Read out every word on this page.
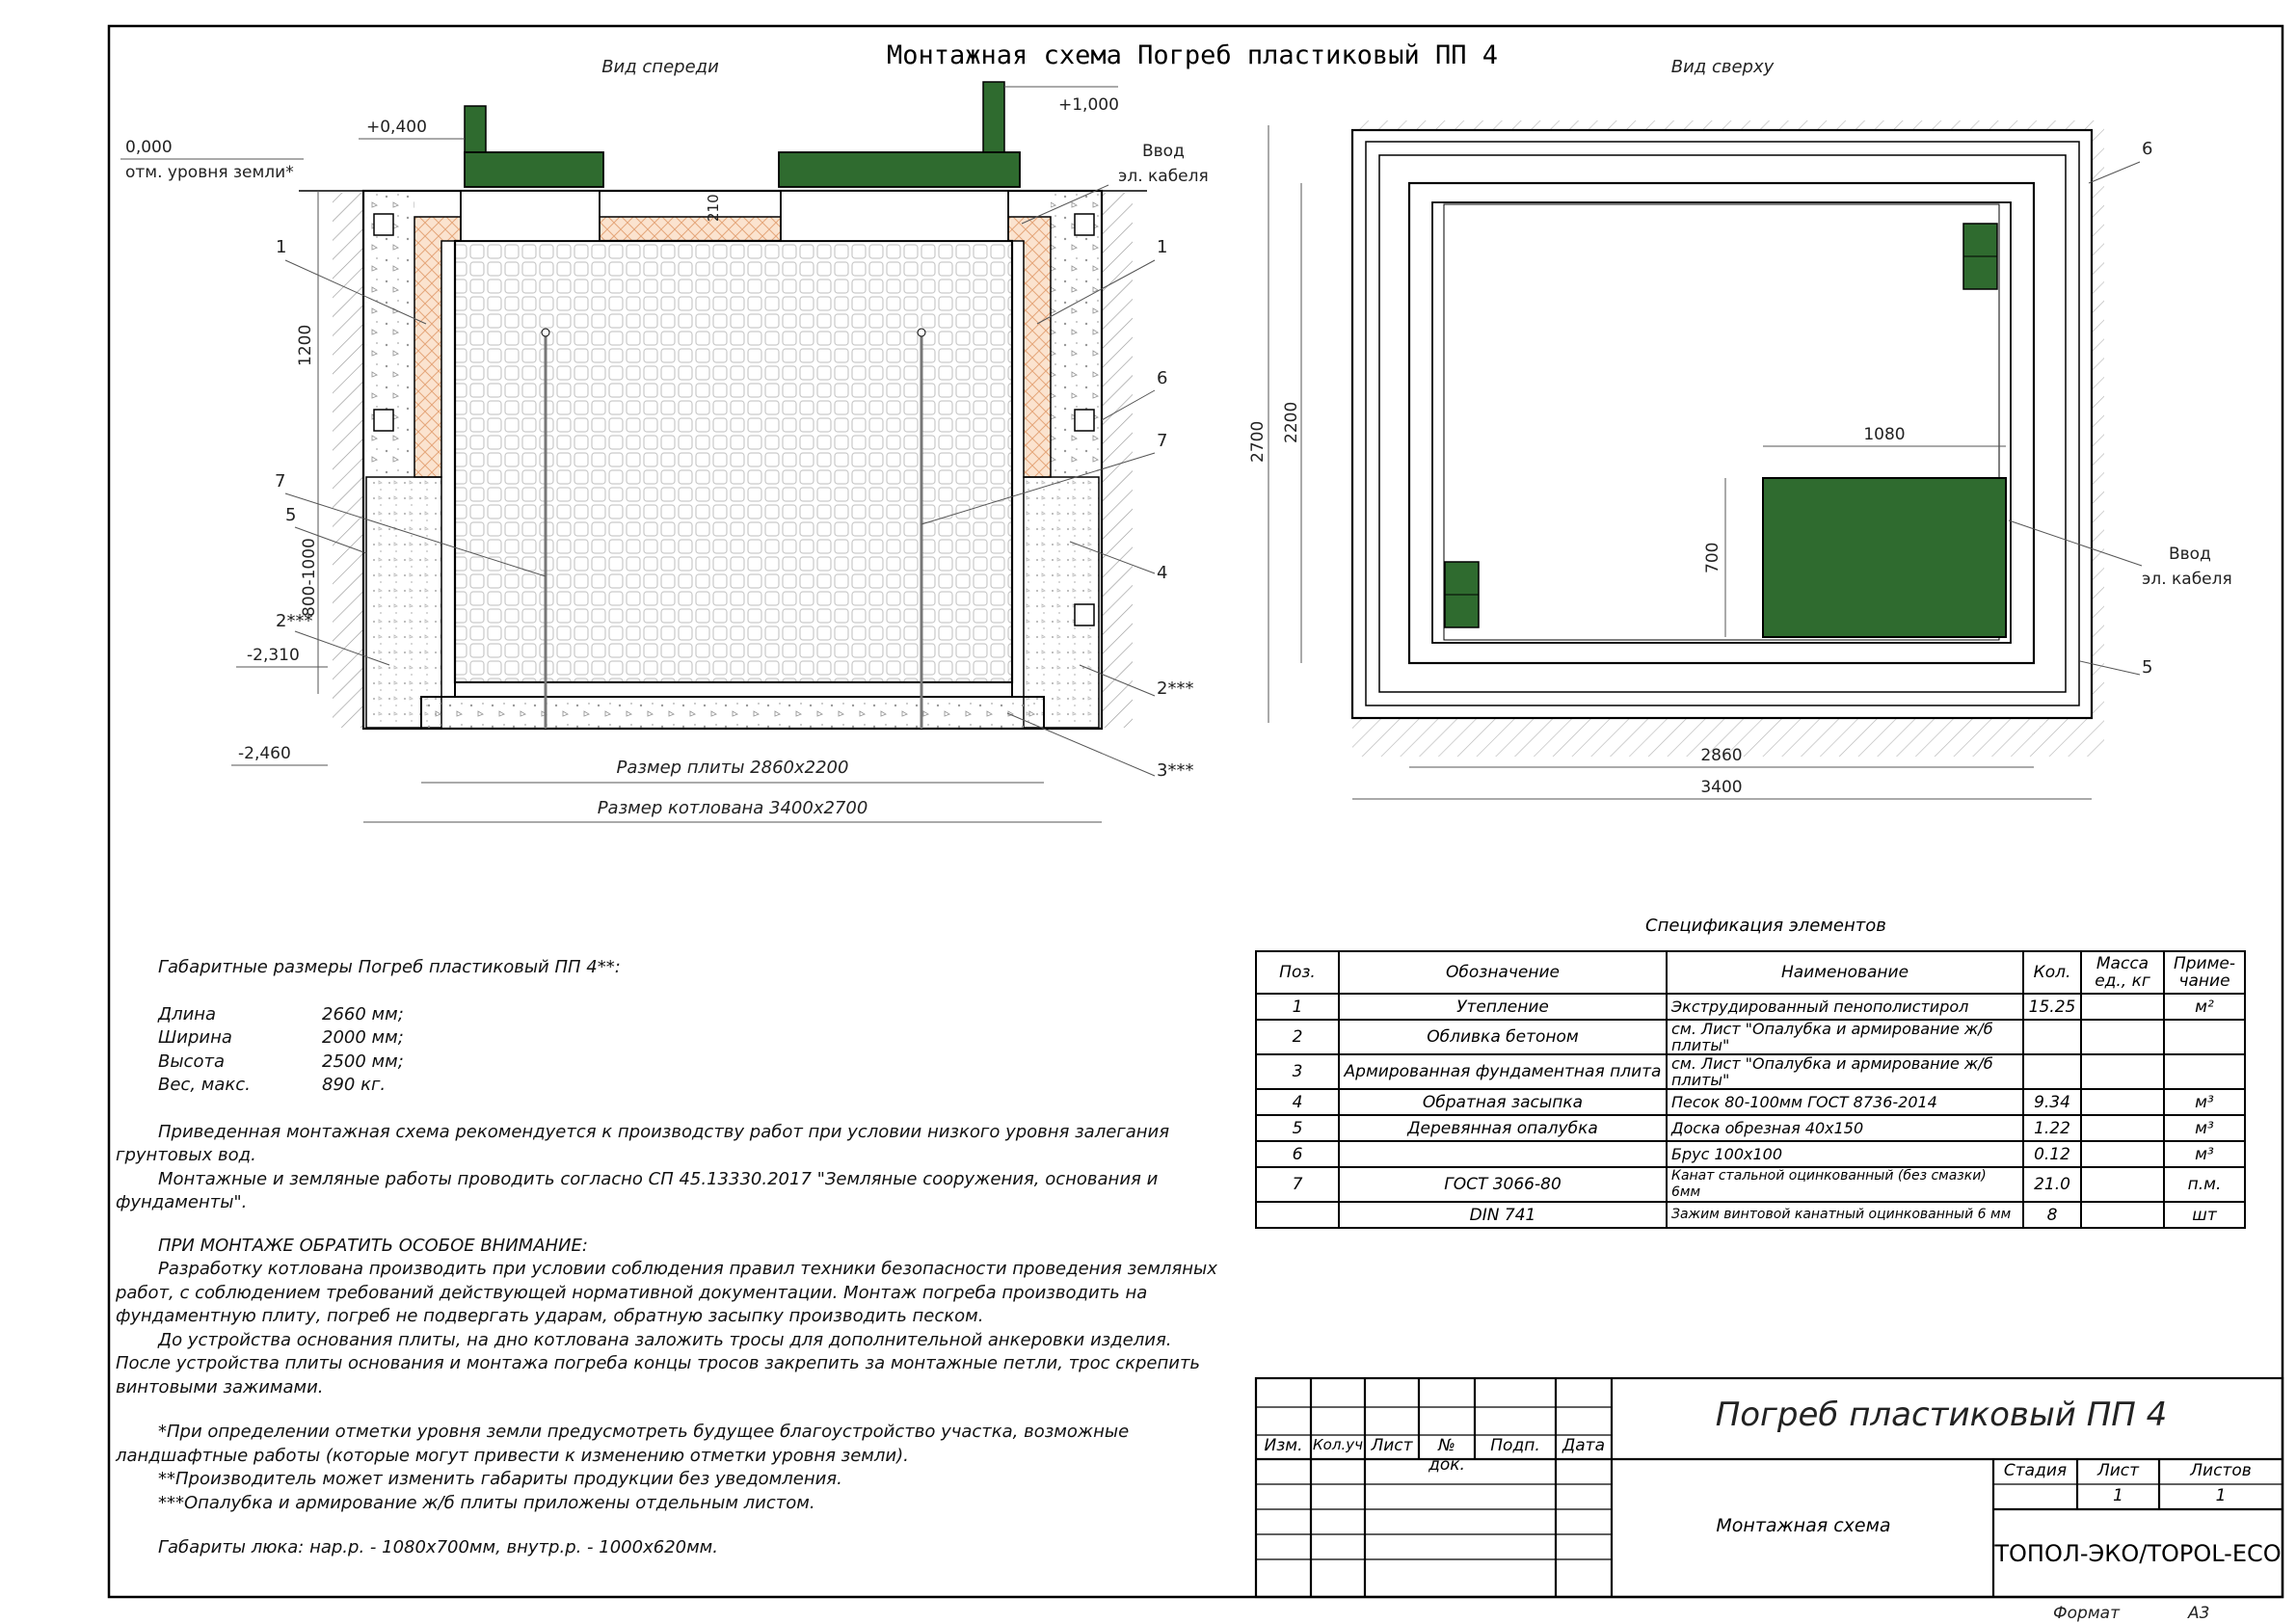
Монтажная схема Погреб пластиковый ПП 4
Вид спереди	Вид сверху
0,000
отм. уровня земли*
+0,400
+1,000
Ввод
эл. кабеля
1200
210
800-1000
-2,310
-2,460
Размер плиты 2860х2200
Размер котлована 3400х2700
1	1
6
7
7
5
4
2***
2***
3***
2700 2200	1080
700
2860
3400
6
5
Ввод
эл. кабеля
Формат	А3

Габаритные размеры Погреб пластиковый ПП 4**:

Длина	2660 мм;
Ширина	2000 мм;
Высота	2500 мм;
Вес, макс.	890 кг.

Приведенная монтажная схема рекомендуется к производству работ при условии низкого уровня залегания грунтовых вод.

Монтажные и земляные работы проводить согласно СП 45.13330.2017 "Земляные сооружения, основания и фундаменты".

ПРИ МОНТАЖЕ ОБРАТИТЬ ОСОБОЕ ВНИМАНИЕ:

Разработку котлована производить при условии соблюдения правил техники безопасности проведения земляных работ, с соблюдением требований действующей нормативной документации. Монтаж погреба производить на фундаментную плиту, погреб не подвергать ударам, обратную засыпку производить песком.

До устройства основания плиты, на дно котлована заложить тросы для дополнительной анкеровки изделия. После устройства плиты основания и монтажа погреба концы тросов закрепить за монтажные петли, трос скрепить винтовыми зажимами.

*При определении отметки уровня земли предусмотреть будущее благоустройство участка, возможные ландшафтные работы (которые могут привести к изменению отметки уровня земли).

**Производитель может изменить габариты продукции без уведомления.

***Опалубка и армирование ж/б плиты приложены отдельным листом.

Габариты люка: нар.р. - 1080х700мм, внутр.р. - 1000х620мм.

Спецификация элементов
Поз.	Обозначение	Наименование	Кол.	Масса ед., кг	Приме- чание
1	Утепление	Экструдированный пенополистирол	15.25		м²
2	Обливка бетоном	см. Лист "Опалубка и армирование ж/б плиты"			
3	Армированная фундаментная плита	см. Лист "Опалубка и армирование ж/б плиты"			
4	Обратная засыпка	Песок 80-100мм ГОСТ 8736-2014	9.34		м³
5	Деревянная опалубка	Доска обрезная 40х150	1.22		м³
6		Брус 100х100	0.12		м³
7	ГОСТ 3066-80	Канат стальной оцинкованный (без смазки) 6мм	21.0		п.м.
	DIN 741	Зажим винтовой канатный оцинкованный 6 мм	8		шт
Погреб пластиковый ПП 4
Монтажная схема
Изм. Кол.уч Лист	№ док.
Подп.	Дата
Стадия	Лист	Листов
1	1
ТОПОЛ-ЭКО/TOPOL-ECO
